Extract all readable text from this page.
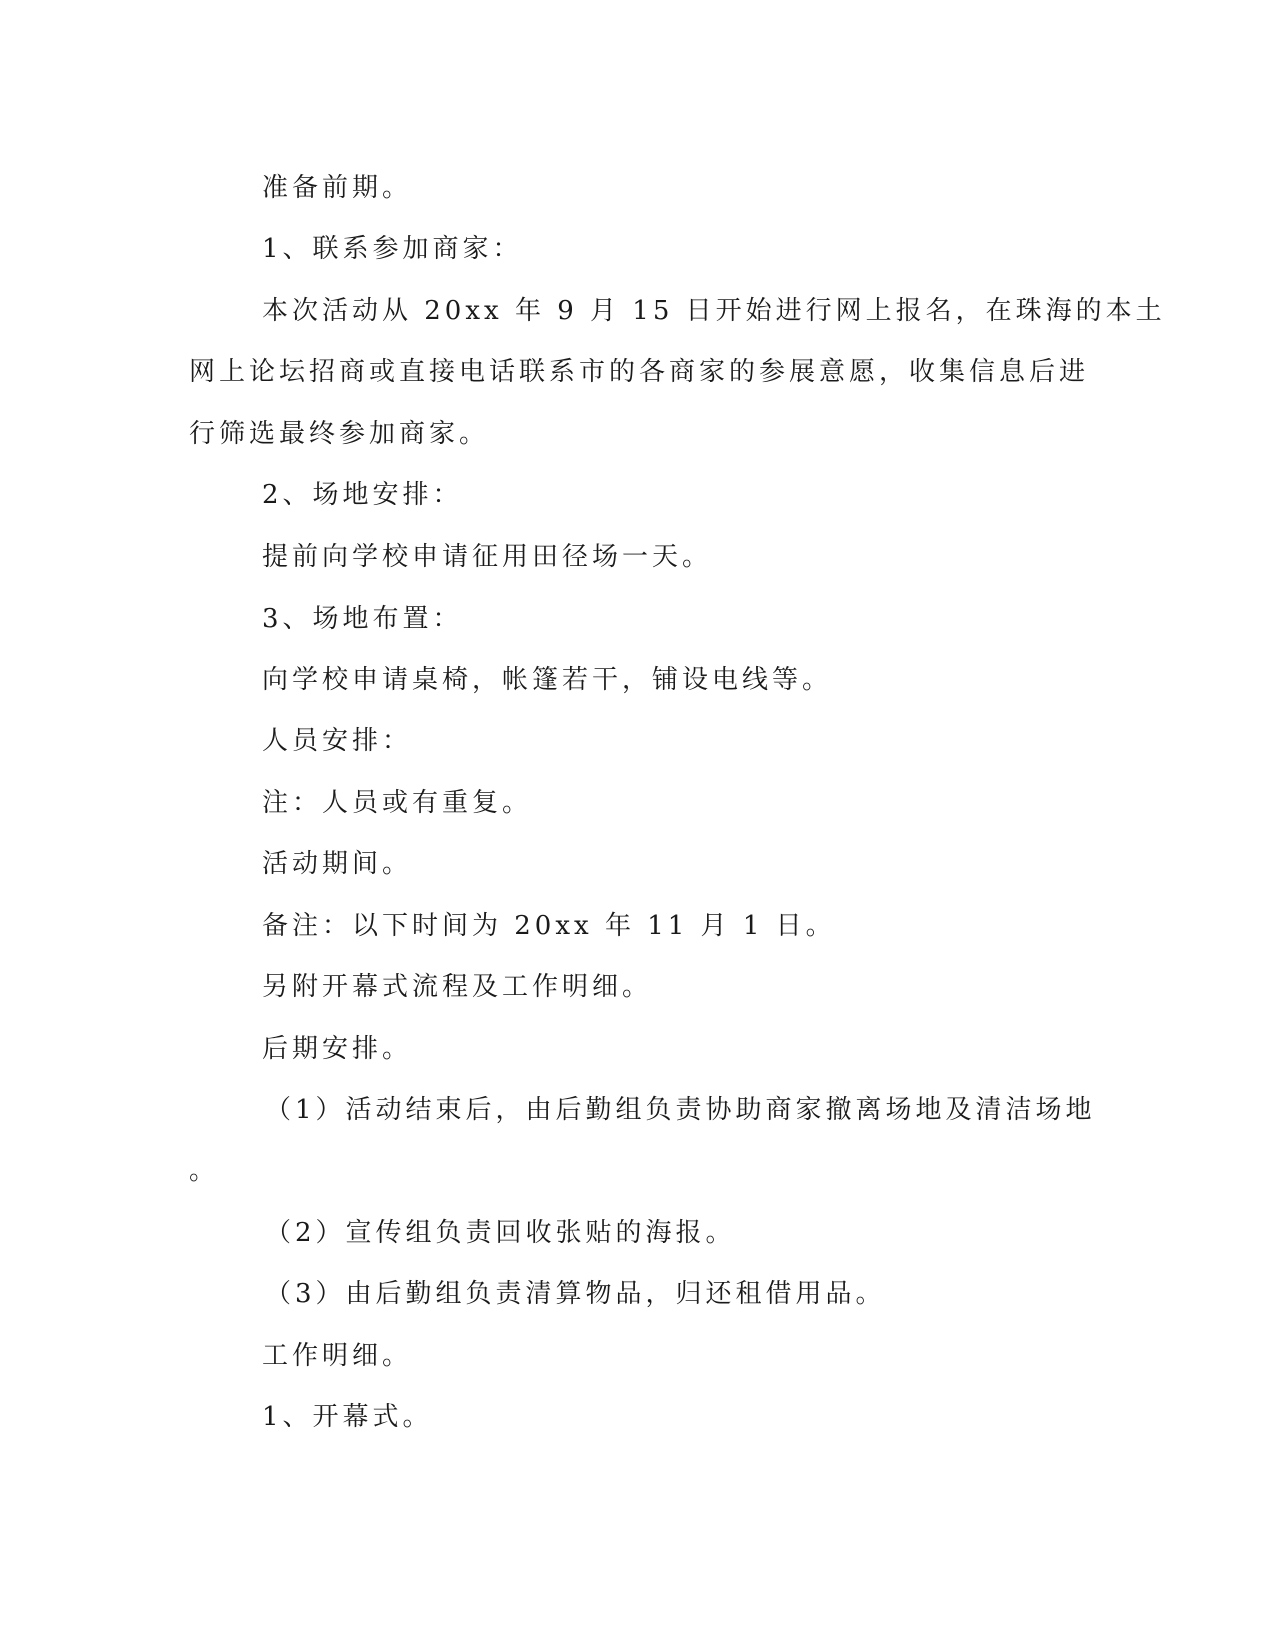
准备前期。
1、联系参加商家：
本次活动从 20xx 年 9 月 15 日开始进行网上报名，在珠海的本土
网上论坛招商或直接电话联系市的各商家的参展意愿，收集信息后进
行筛选最终参加商家。
2、场地安排：
提前向学校申请征用田径场一天。
3、场地布置：
向学校申请桌椅，帐篷若干，铺设电线等。
人员安排：
注：人员或有重复。
活动期间。
备注：以下时间为 20xx 年 11 月 1 日。
另附开幕式流程及工作明细。
后期安排。
（1）活动结束后，由后勤组负责协助商家撤离场地及清洁场地
。
（2）宣传组负责回收张贴的海报。
（3）由后勤组负责清算物品，归还租借用品。
工作明细。
1、开幕式。
